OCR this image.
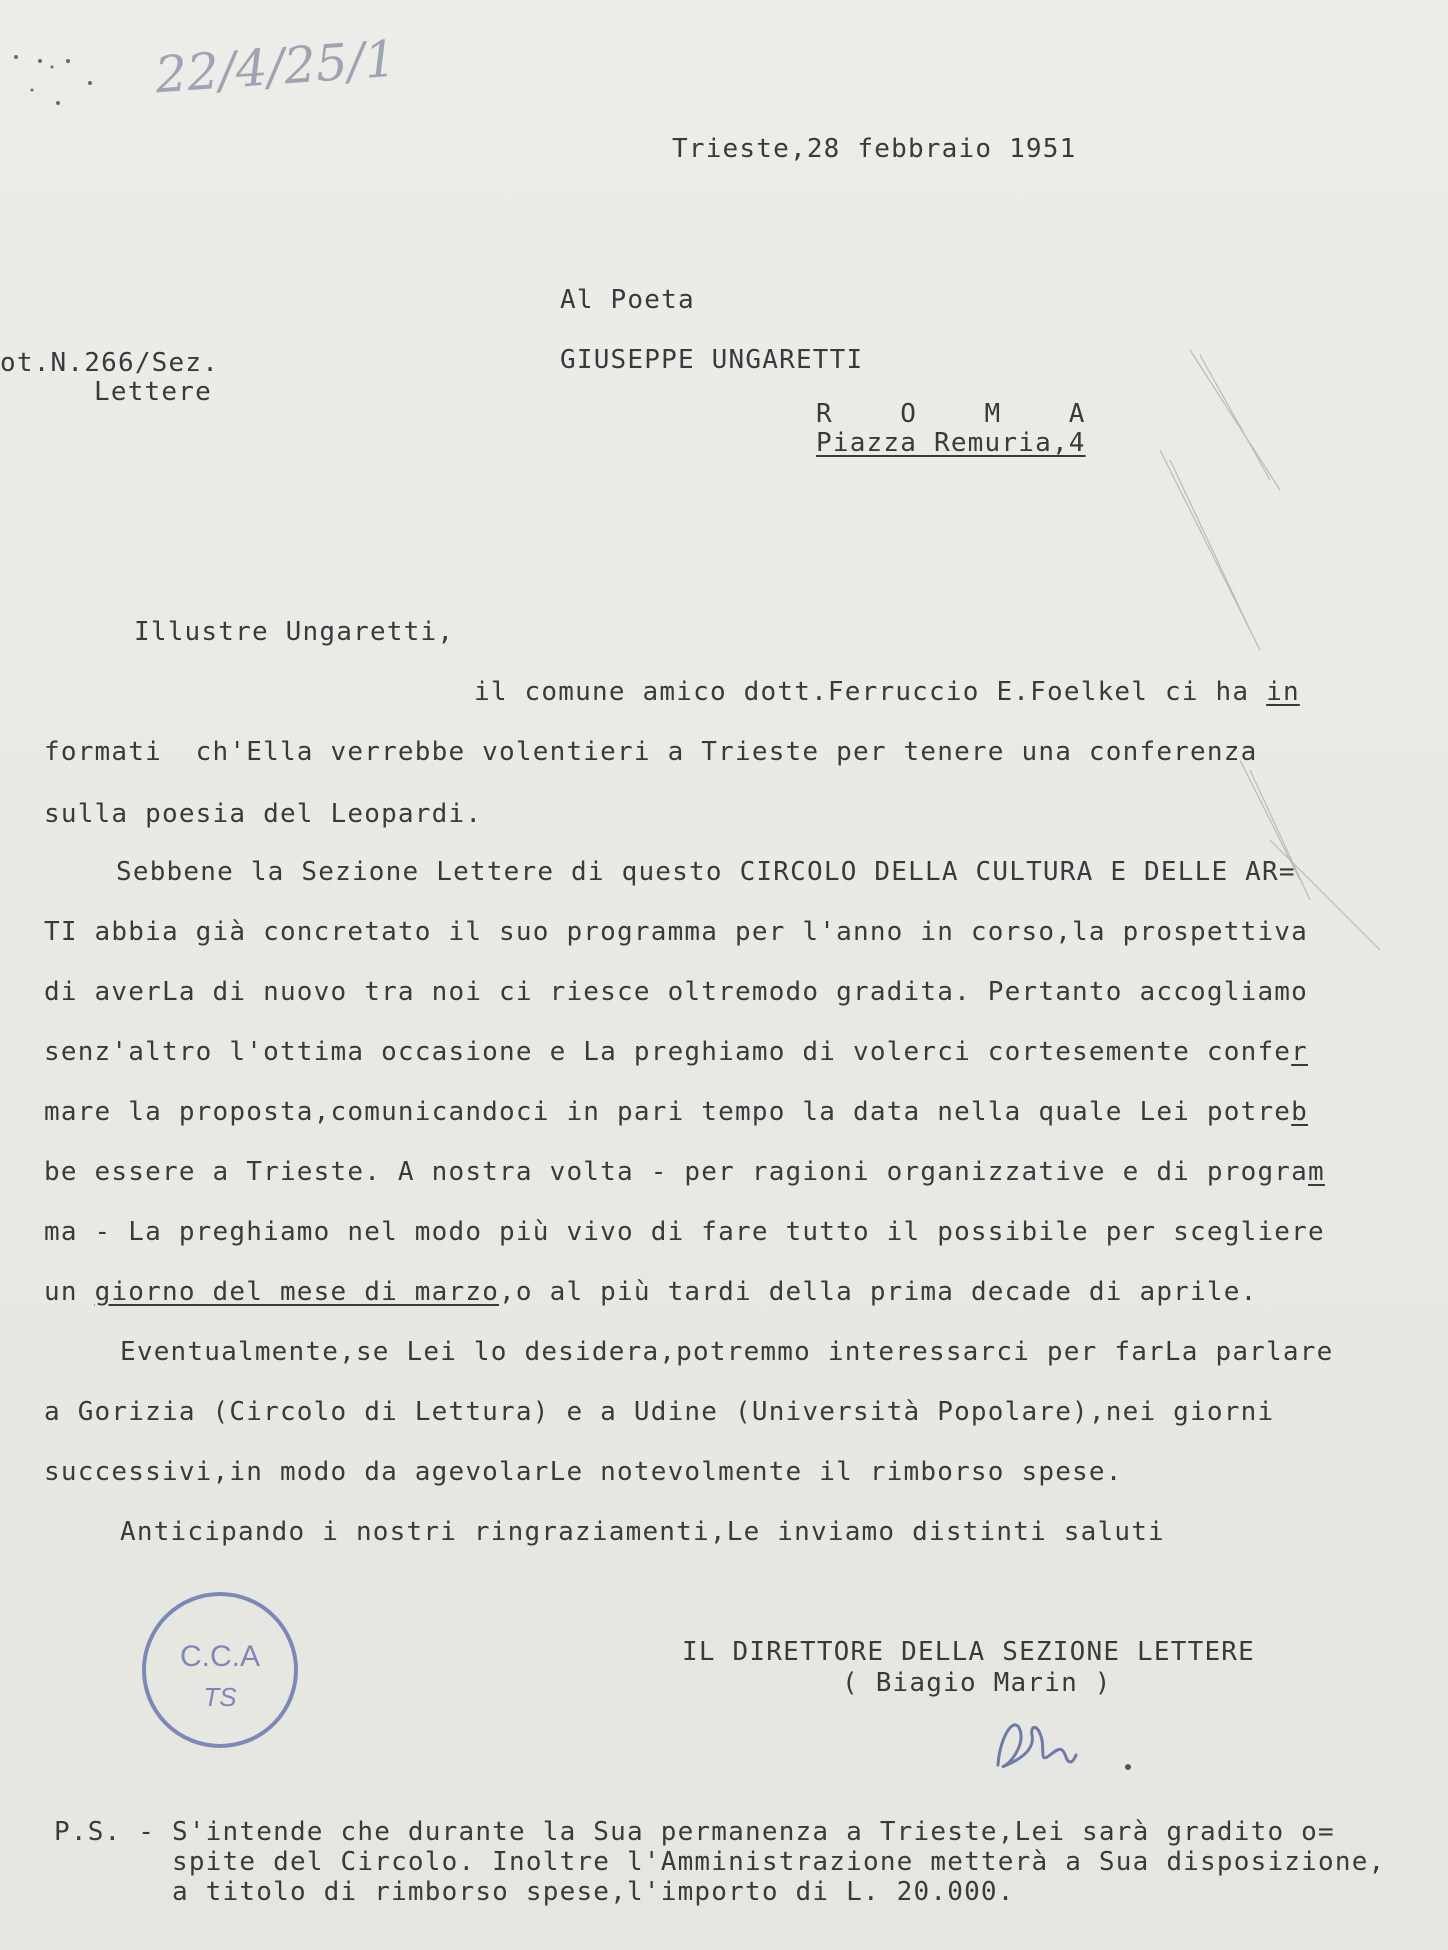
22/4/25/1
Trieste,28 febbraio 1951
Al Poeta
GIUSEPPE UNGARETTI
R    O    M    A
Piazza Remuria,4
ot.N.266/Sez.
Lettere
Illustre Ungaretti,
il comune amico dott.Ferruccio E.Foelkel ci ha in
formati  ch'Ella verrebbe volentieri a Trieste per tenere una conferenza
sulla poesia del Leopardi.
Sebbene la Sezione Lettere di questo CIRCOLO DELLA CULTURA E DELLE AR=
TI abbia già concretato il suo programma per l'anno in corso,la prospettiva
di averLa di nuovo tra noi ci riesce oltremodo gradita. Pertanto accogliamo
senz'altro l'ottima occasione e La preghiamo di volerci cortesemente confer
mare la proposta,comunicandoci in pari tempo la data nella quale Lei potreb
be essere a Trieste. A nostra volta - per ragioni organizzative e di program
ma - La preghiamo nel modo più vivo di fare tutto il possibile per scegliere
un giorno del mese di marzo,o al più tardi della prima decade di aprile.
Eventualmente,se Lei lo desidera,potremmo interessarci per farLa parlare
a Gorizia (Circolo di Lettura) e a Udine (Università Popolare),nei giorni
successivi,in modo da agevolarLe notevolmente il rimborso spese.
Anticipando i nostri ringraziamenti,Le inviamo distinti saluti
C.C.A
TS
IL DIRETTORE DELLA SEZIONE LETTERE
( Biagio Marin )
P.S. - S'intende che durante la Sua permanenza a Trieste,Lei sarà gradito o=
spite del Circolo. Inoltre l'Amministrazione metterà a Sua disposizione,
a titolo di rimborso spese,l'importo di L. 20.000.
